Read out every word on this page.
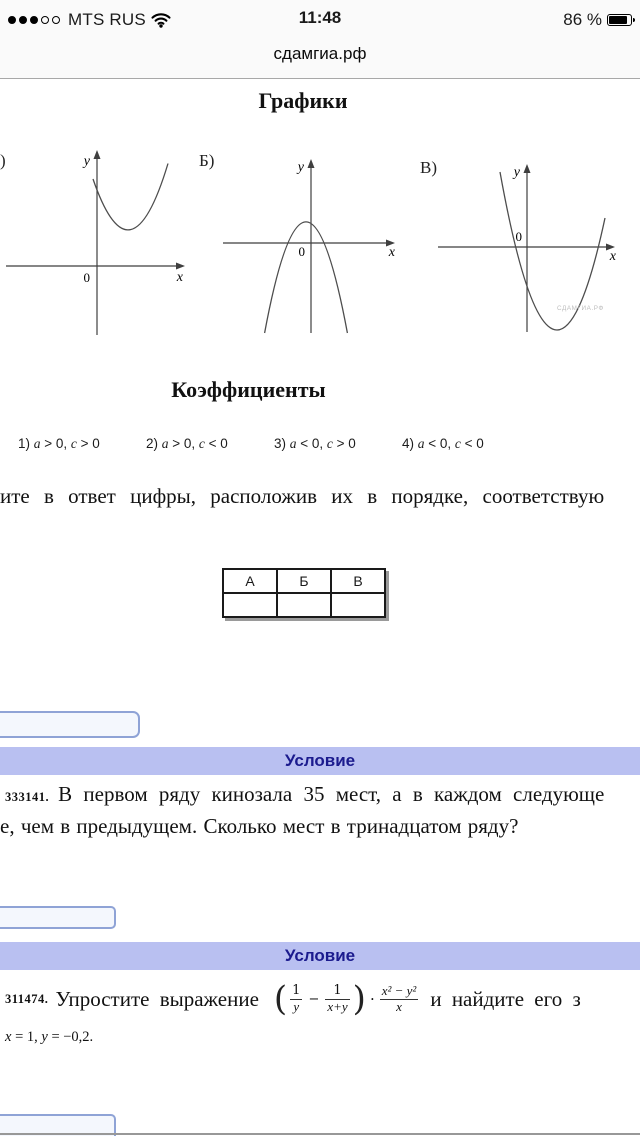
MTS RUS	11:48	86 %
сдамгиа.рф
Графики
)	Б)	В)
0
y
x
0
y
x
0
y
x
СДАМГИА.РФ
Коэффициенты
1) a > 0, c > 0	2) a > 0, c < 0	3) a < 0, c > 0	4) a < 0, c < 0
ите в ответ цифры, расположив их в порядке, соответствую
А	Б	В

Условие
333141. В первом ряду кинозала 35 мест, а в каждом следующе
е, чем в предыдущем. Сколько мест в тринадцатом ряду?
Условие
311474. Упростите выражение ( $\frac{1}{y} - \frac{1}{x+y}$ ) · $\frac{\text{x² − y²}}{x}$ и найдите его з
x = 1, y = −0,2.
